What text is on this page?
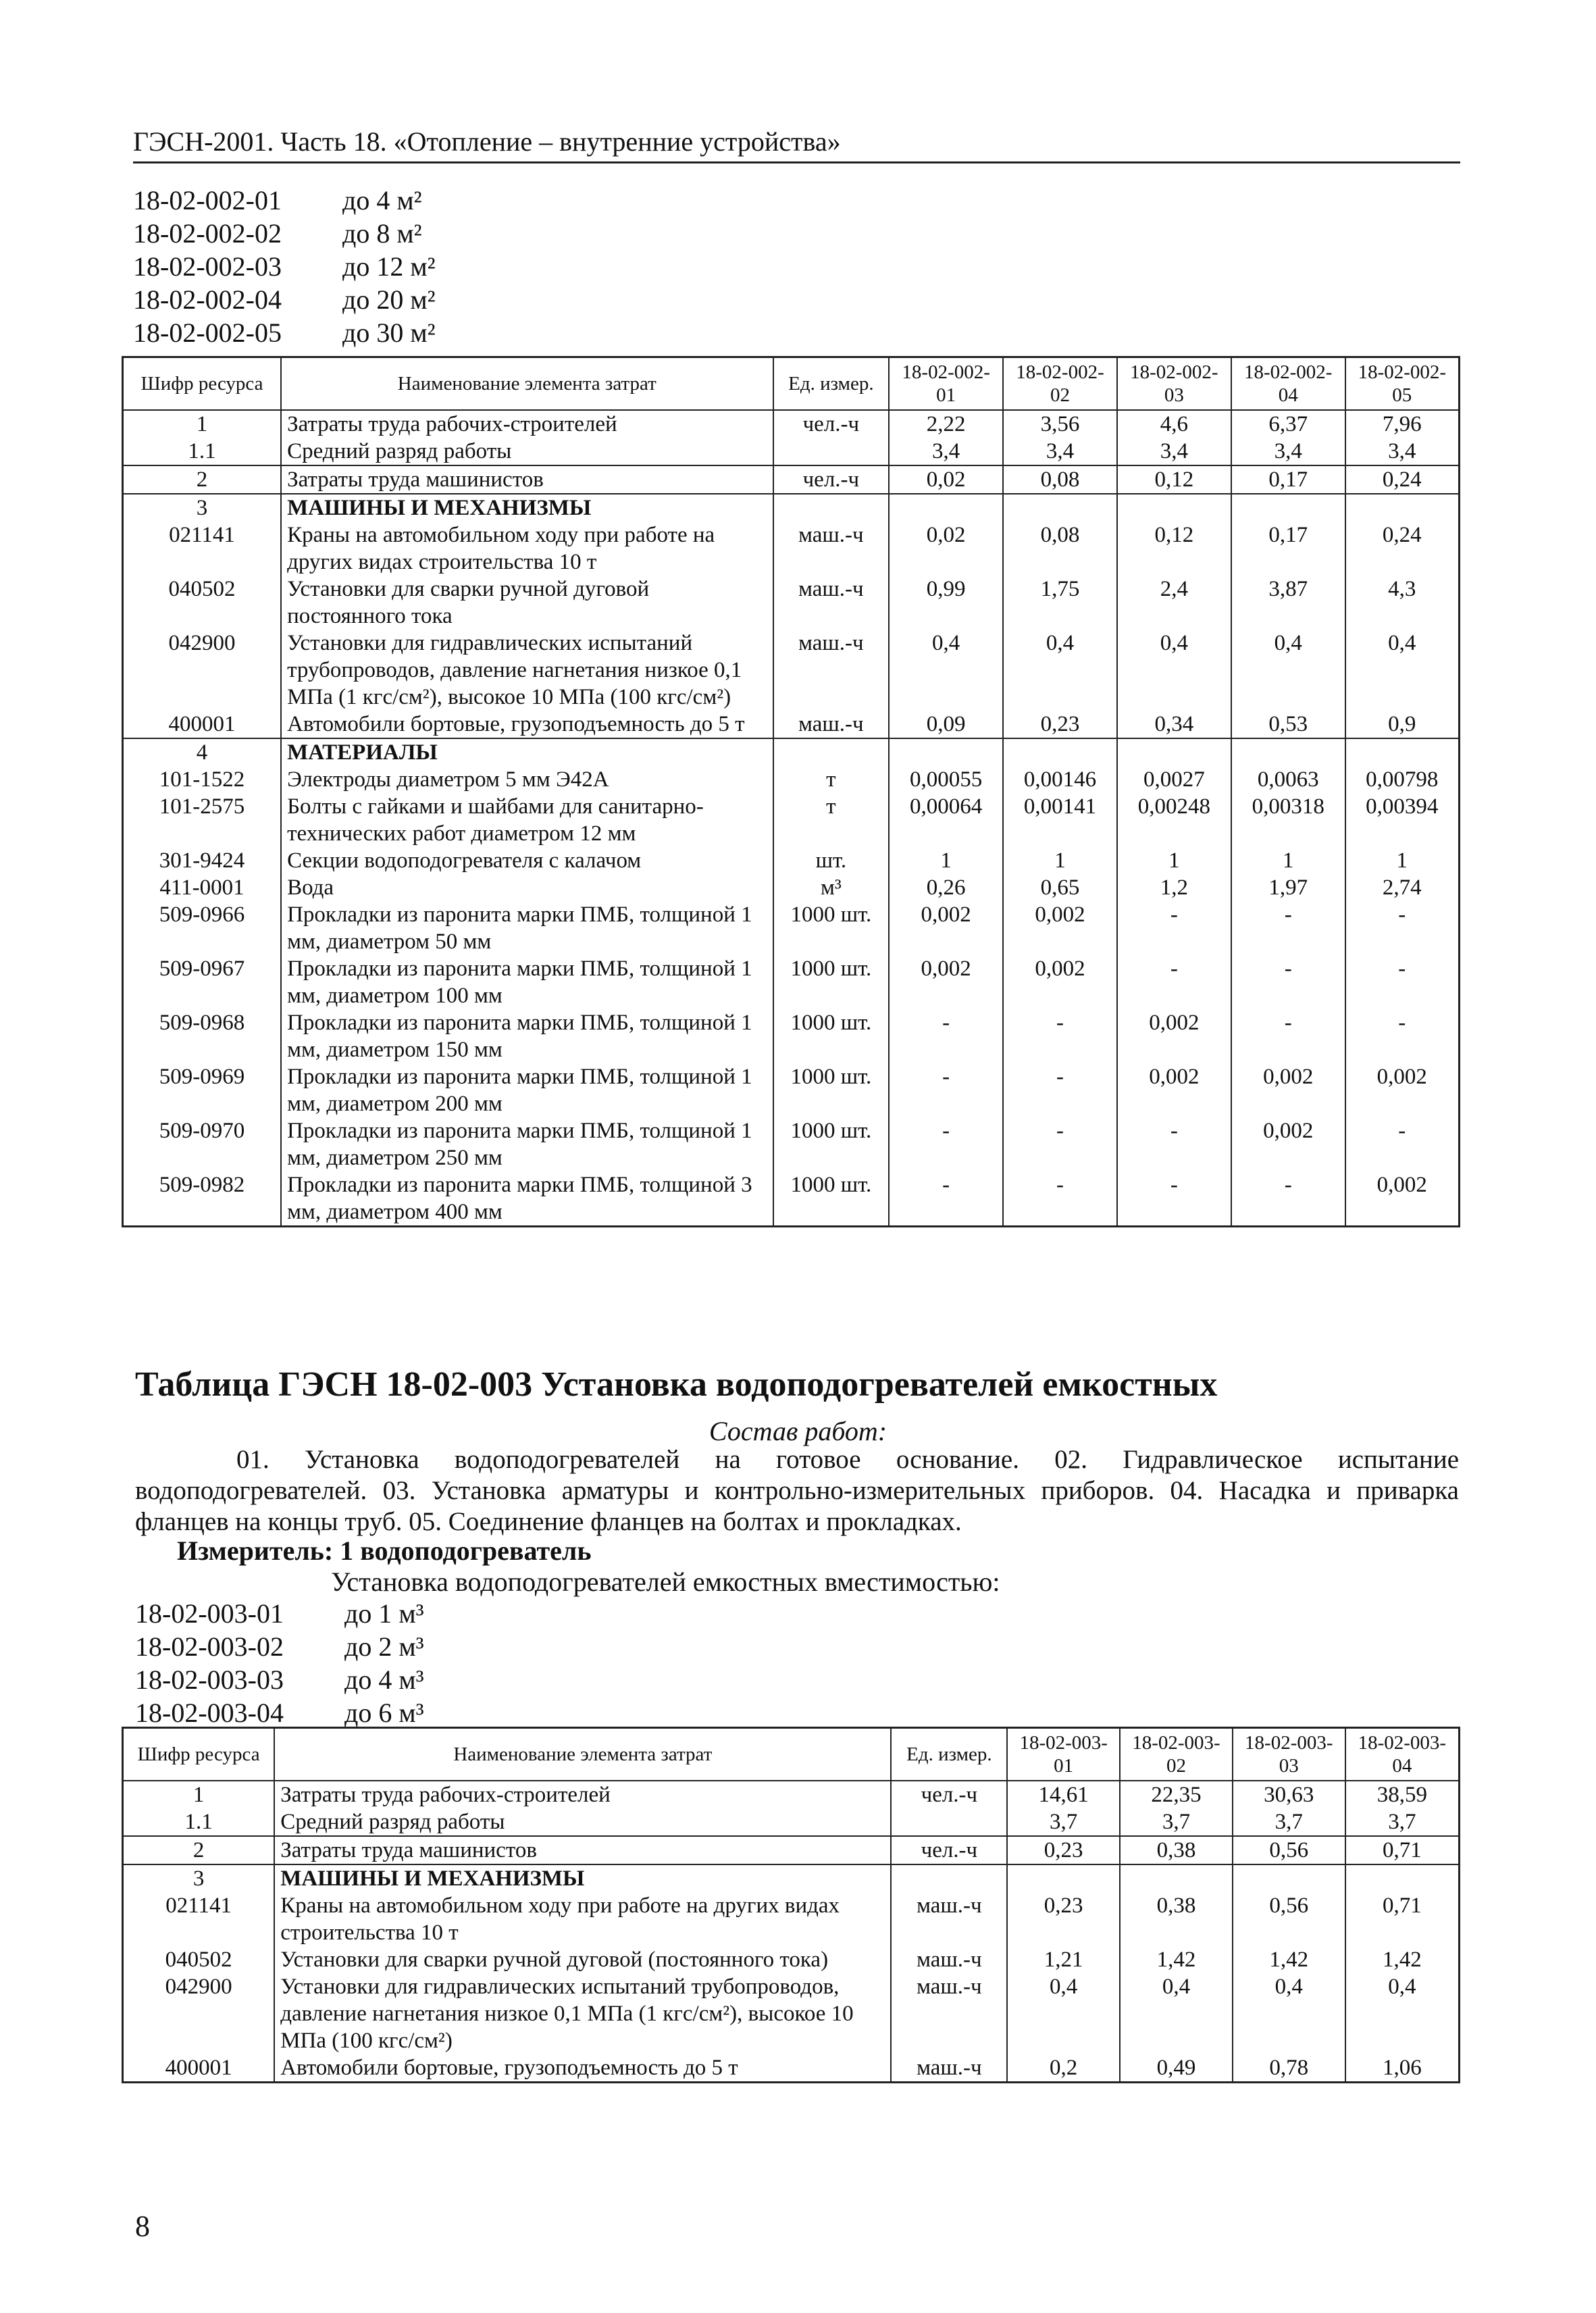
ГЭСН-2001. Часть 18. «Отопление – внутренние устройства»
18-02-002-01	до 4 м²
18-02-002-02	до 8 м²
18-02-002-03	до 12 м²
18-02-002-04	до 20 м²
18-02-002-05	до 30 м²
Шифр ресурса	Наименование элемента затрат	Ед. измер.	18-02-002-01	18-02-002-02	18-02-002-03	18-02-002-04	18-02-002-05
1	Затраты труда рабочих-строителей	чел.-ч	2,22	3,56	4,6	6,37	7,96
1.1	Средний разряд работы		3,4	3,4	3,4	3,4	3,4
2	Затраты труда машинистов	чел.-ч	0,02	0,08	0,12	0,17	0,24
3	МАШИНЫ И МЕХАНИЗМЫ						
021141	Краны на автомобильном ходу при работе на других видах строительства 10 т	маш.-ч	0,02	0,08	0,12	0,17	0,24
040502	Установки для сварки ручной дуговой постоянного тока	маш.-ч	0,99	1,75	2,4	3,87	4,3
042900	Установки для гидравлических испытаний трубопроводов, давление нагнетания низкое 0,1 МПа (1 кгс/см²), высокое 10 МПа (100 кгс/см²)	маш.-ч	0,4	0,4	0,4	0,4	0,4
400001	Автомобили бортовые, грузоподъемность до 5 т	маш.-ч	0,09	0,23	0,34	0,53	0,9
4	МАТЕРИАЛЫ						
101-1522	Электроды диаметром 5 мм Э42А	т	0,00055	0,00146	0,0027	0,0063	0,00798
101-2575	Болты с гайками и шайбами для санитарно-технических работ диаметром 12 мм	т	0,00064	0,00141	0,00248	0,00318	0,00394
301-9424	Секции водоподогревателя с калачом	шт.	1	1	1	1	1
411-0001	Вода	м³	0,26	0,65	1,2	1,97	2,74
509-0966	Прокладки из паронита марки ПМБ, толщиной 1 мм, диаметром 50 мм	1000 шт.	0,002	0,002	-	-	-
509-0967	Прокладки из паронита марки ПМБ, толщиной 1 мм, диаметром 100 мм	1000 шт.	0,002	0,002	-	-	-
509-0968	Прокладки из паронита марки ПМБ, толщиной 1 мм, диаметром 150 мм	1000 шт.	-	-	0,002	-	-
509-0969	Прокладки из паронита марки ПМБ, толщиной 1 мм, диаметром 200 мм	1000 шт.	-	-	0,002	0,002	0,002
509-0970	Прокладки из паронита марки ПМБ, толщиной 1 мм, диаметром 250 мм	1000 шт.	-	-	-	0,002	-
509-0982	Прокладки из паронита марки ПМБ, толщиной 3 мм, диаметром 400 мм	1000 шт.	-	-	-	-	0,002
Таблица ГЭСН 18-02-003 Установка водоподогревателей емкостных
Состав работ:
01. Установка водоподогревателей на готовое основание. 02. Гидравлическое испытание водоподогревателей. 03. Установка арматуры и контрольно-измерительных приборов. 04. Насадка и приварка фланцев на концы труб. 05. Соединение фланцев на болтах и прокладках.
Измеритель: 1 водоподогреватель
Установка водоподогревателей емкостных вместимостью:
18-02-003-01	до 1 м³
18-02-003-02	до 2 м³
18-02-003-03	до 4 м³
18-02-003-04	до 6 м³
Шифр ресурса	Наименование элемента затрат	Ед. измер.	18-02-003-01	18-02-003-02	18-02-003-03	18-02-003-04
1	Затраты труда рабочих-строителей	чел.-ч	14,61	22,35	30,63	38,59
1.1	Средний разряд работы		3,7	3,7	3,7	3,7
2	Затраты труда машинистов	чел.-ч	0,23	0,38	0,56	0,71
3	МАШИНЫ И МЕХАНИЗМЫ					
021141	Краны на автомобильном ходу при работе на других видах строительства 10 т	маш.-ч	0,23	0,38	0,56	0,71
040502	Установки для сварки ручной дуговой (постоянного тока)	маш.-ч	1,21	1,42	1,42	1,42
042900	Установки для гидравлических испытаний трубопроводов, давление нагнетания низкое 0,1 МПа (1 кгс/см²), высокое 10 МПа (100 кгс/см²)	маш.-ч	0,4	0,4	0,4	0,4
400001	Автомобили бортовые, грузоподъемность до 5 т	маш.-ч	0,2	0,49	0,78	1,06
8
